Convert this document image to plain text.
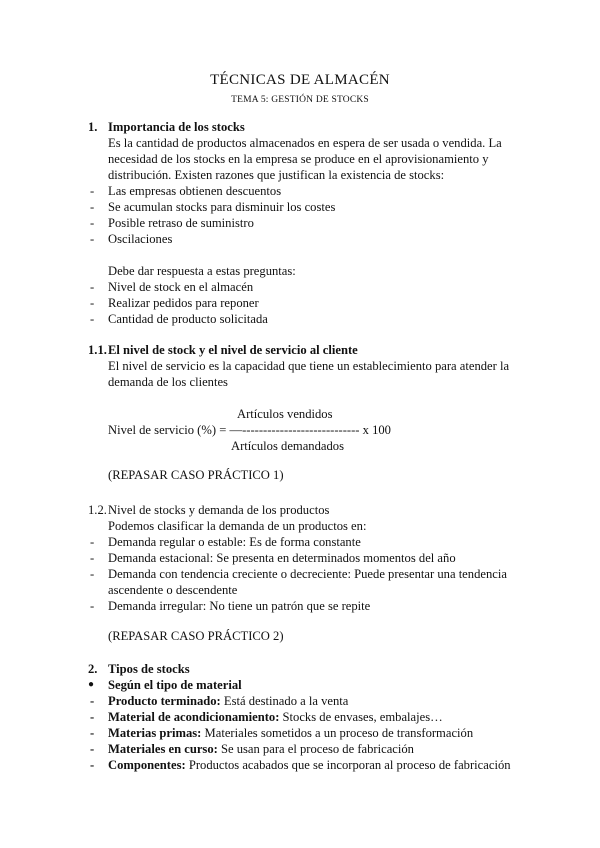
TÉCNICAS DE ALMACÉN
TEMA 5: GESTIÓN DE STOCKS
1. Importancia de los stocks
Es la cantidad de productos almacenados en espera de ser usada o vendida. La
necesidad de los stocks en la empresa se produce en el aprovisionamiento y
distribución. Existen razones que justifican la existencia de stocks:
- Las empresas obtienen descuentos
- Se acumulan stocks para disminuir los costes
- Posible retraso de suministro
- Oscilaciones
Debe dar respuesta a estas preguntas:
- Nivel de stock en el almacén
- Realizar pedidos para reponer
- Cantidad de producto solicitada
1.1. El nivel de stock y el nivel de servicio al cliente
El nivel de servicio es la capacidad que tiene un establecimiento para atender la
demanda de los clientes
Artículos vendidos
Nivel de servicio (%) = —---------------------------- x 100
Artículos demandados
(REPASAR CASO PRÁCTICO 1)
1.2. Nivel de stocks y demanda de los productos
Podemos clasificar la demanda de un productos en:
- Demanda regular o estable: Es de forma constante
- Demanda estacional: Se presenta en determinados momentos del año
- Demanda con tendencia creciente o decreciente: Puede presentar una tendencia
ascendente o descendente
- Demanda irregular: No tiene un patrón que se repite
(REPASAR CASO PRÁCTICO 2)
2. Tipos de stocks
● Según el tipo de material
- Producto terminado: Está destinado a la venta
- Material de acondicionamiento: Stocks de envases, embalajes…
- Materias primas: Materiales sometidos a un proceso de transformación
- Materiales en curso: Se usan para el proceso de fabricación
- Componentes: Productos acabados que se incorporan al proceso de fabricación
